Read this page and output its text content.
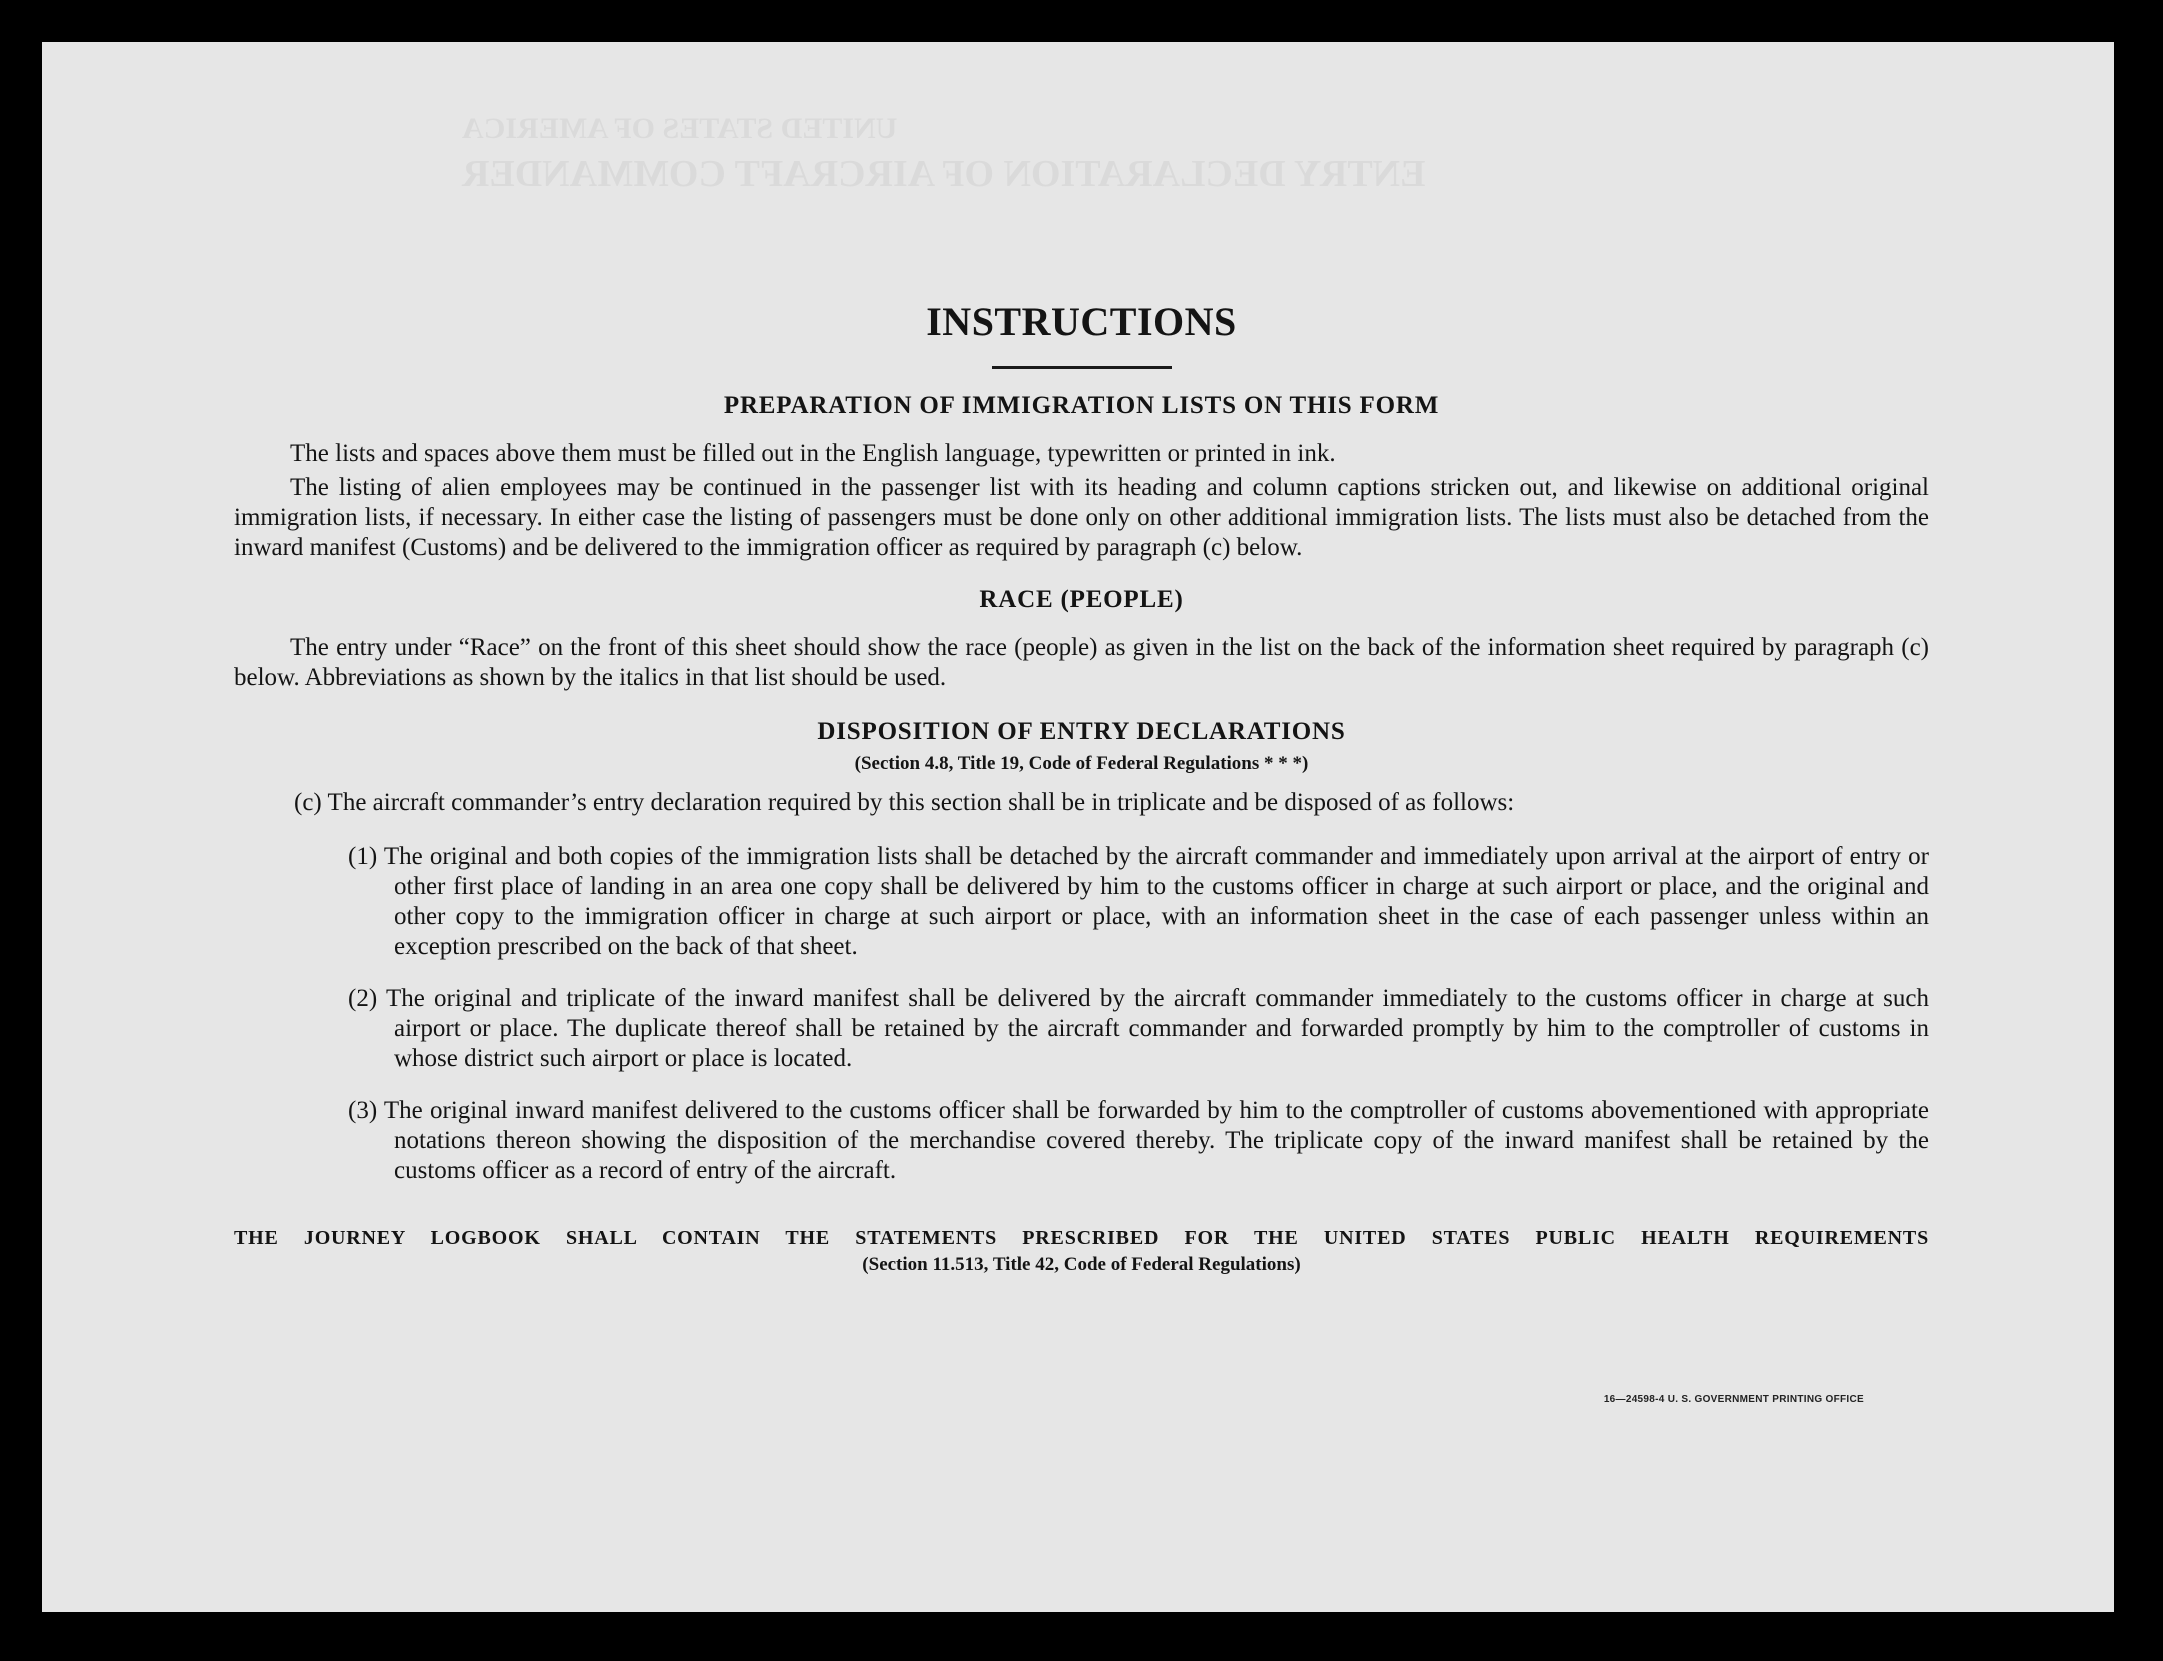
UNITED STATES OF AMERICA
ENTRY DECLARATION OF AIRCRAFT COMMANDER
INSTRUCTIONS
PREPARATION OF IMMIGRATION LISTS ON THIS FORM

The lists and spaces above them must be filled out in the English language, typewritten or printed in ink.

The listing of alien employees may be continued in the passenger list with its heading and column captions stricken out, and likewise on additional original immigration lists, if necessary. In either case the listing of passengers must be done only on other additional immigration lists. The lists must also be detached from the inward manifest (Customs) and be delivered to the immigration officer as required by paragraph (c) below.

RACE (PEOPLE)

The entry under “Race” on the front of this sheet should show the race (people) as given in the list on the back of the information sheet required by paragraph (c) below. Abbreviations as shown by the italics in that list should be used.

DISPOSITION OF ENTRY DECLARATIONS
(Section 4.8, Title 19, Code of Federal Regulations * * *)

(c) The aircraft commander’s entry declaration required by this section shall be in triplicate and be disposed of as follows:

(1) The original and both copies of the immigration lists shall be detached by the aircraft commander and immediately upon arrival at the airport of entry or other first place of landing in an area one copy shall be delivered by him to the customs officer in charge at such airport or place, and the original and other copy to the immigration officer in charge at such airport or place, with an information sheet in the case of each passenger unless within an exception prescribed on the back of that sheet.
(2) The original and triplicate of the inward manifest shall be delivered by the aircraft commander immediately to the customs officer in charge at such airport or place. The duplicate thereof shall be retained by the aircraft commander and forwarded promptly by him to the comptroller of customs in whose district such airport or place is located.
(3) The original inward manifest delivered to the customs officer shall be forwarded by him to the comptroller of customs abovementioned with appropriate notations thereon showing the disposition of the merchandise covered thereby. The triplicate copy of the inward manifest shall be retained by the customs officer as a record of entry of the aircraft.
THE JOURNEY LOGBOOK SHALL CONTAIN THE STATEMENTS PRESCRIBED FOR THE UNITED STATES PUBLIC HEALTH REQUIREMENTS
(Section 11.513, Title 42, Code of Federal Regulations)
16—24598-4 U. S. GOVERNMENT PRINTING OFFICE
